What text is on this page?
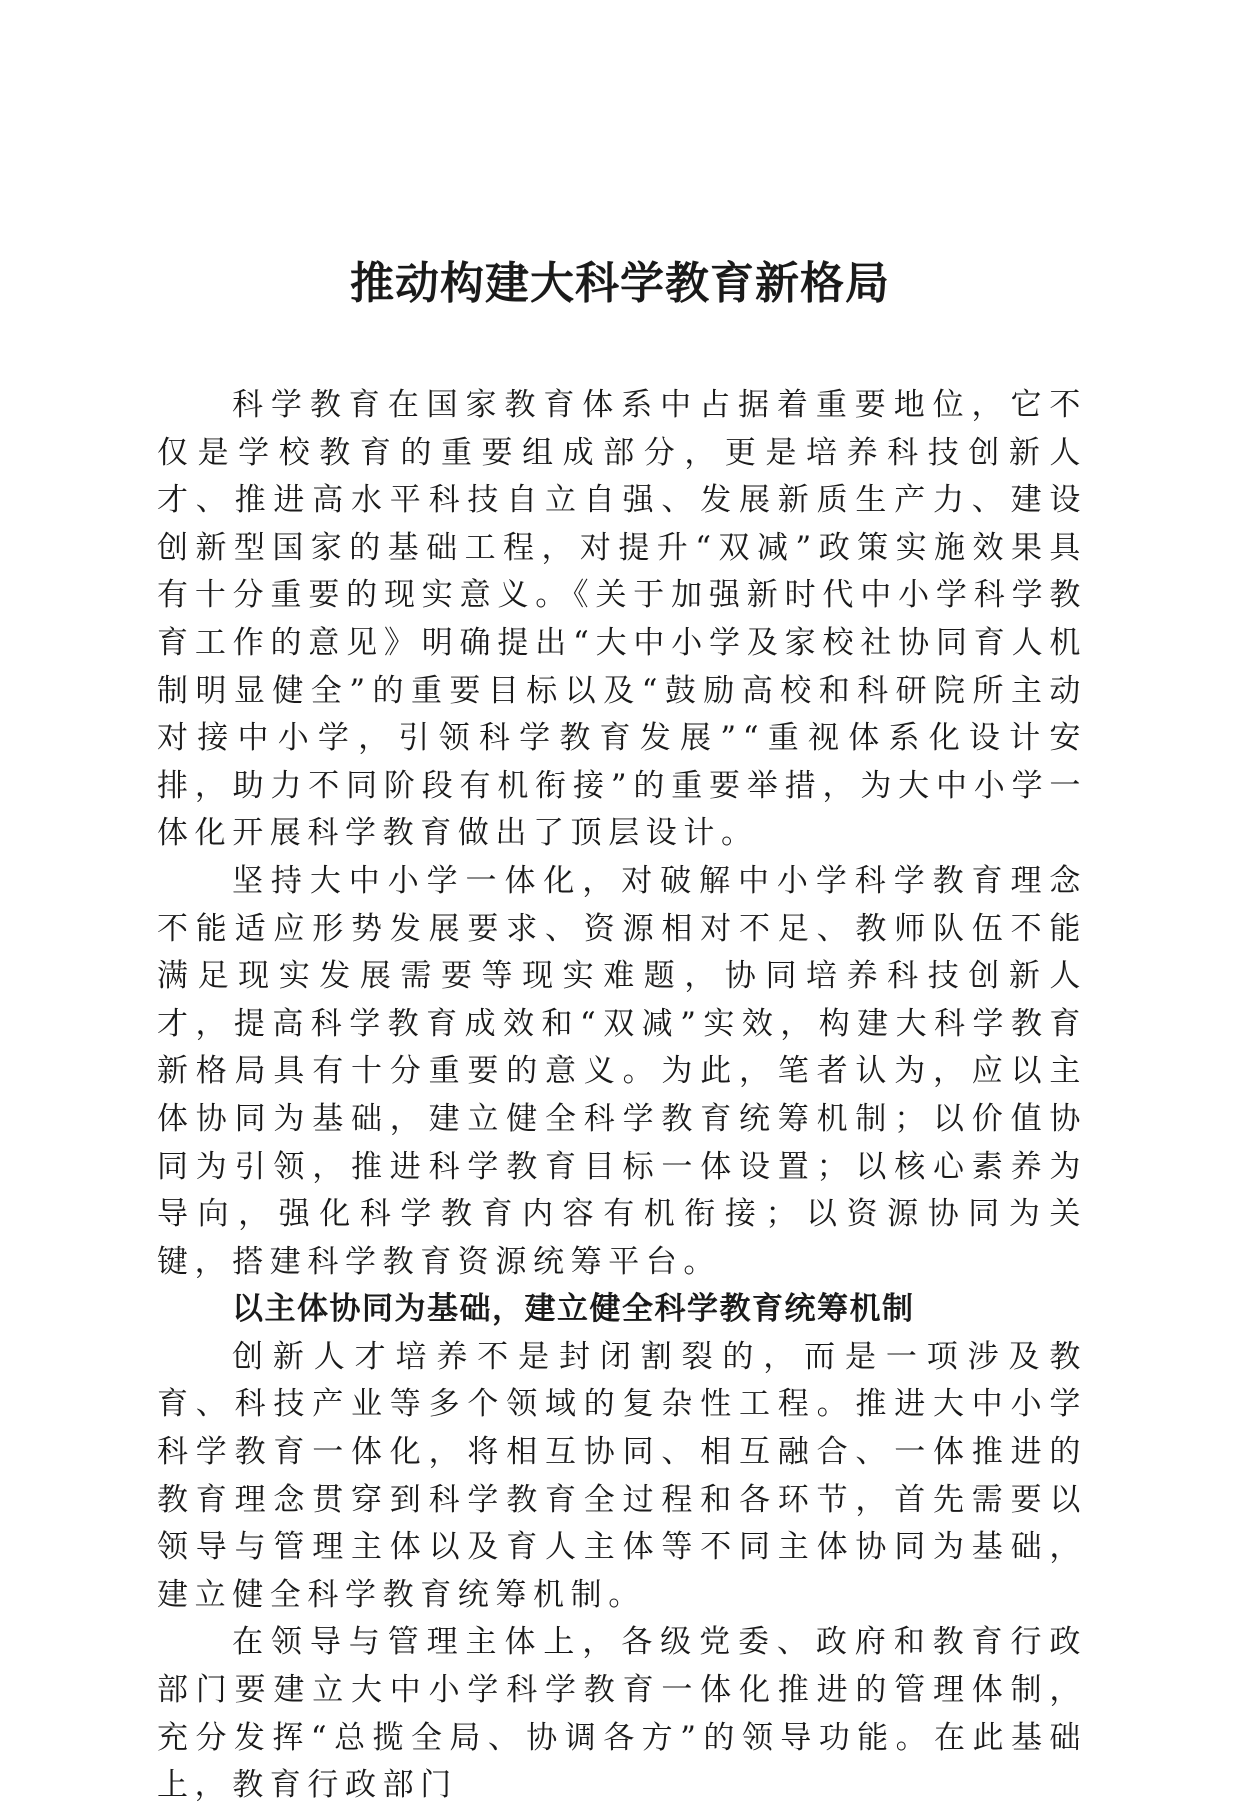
推动构建大科学教育新格局

科学教育在国家教育体系中占据着重要地位，它不仅是学校教育的重要组成部分，更是培养科技创新人才、推进高水平科技自立自强、发展新质生产力、建设创新型国家的基础工程，对提升“双减”政策实施效果具有十分重要的现实意义。《关于加强新时代中小学科学教育工作的意见》明确提出“大中小学及家校社协同育人机制明显健全”的重要目标以及“鼓励高校和科研院所主动对接中小学，引领科学教育发展”“重视体系化设计安排，助力不同阶段有机衔接”的重要举措，为大中小学一体化开展科学教育做出了顶层设计。

坚持大中小学一体化，对破解中小学科学教育理念不能适应形势发展要求、资源相对不足、教师队伍不能满足现实发展需要等现实难题，协同培养科技创新人才，提高科学教育成效和“双减”实效，构建大科学教育新格局具有十分重要的意义。为此，笔者认为，应以主体协同为基础，建立健全科学教育统筹机制；以价值协同为引领，推进科学教育目标一体设置；以核心素养为导向，强化科学教育内容有机衔接；以资源协同为关键，搭建科学教育资源统筹平台。

以主体协同为基础，建立健全科学教育统筹机制

创新人才培养不是封闭割裂的，而是一项涉及教育、科技产业等多个领域的复杂性工程。推进大中小学科学教育一体化，将相互协同、相互融合、一体推进的教育理念贯穿到科学教育全过程和各环节，首先需要以领导与管理主体以及育人主体等不同主体协同为基础，建立健全科学教育统筹机制。

在领导与管理主体上，各级党委、政府和教育行政部门要建立大中小学科学教育一体化推进的管理体制，充分发挥“总揽全局、协调各方”的领导功能。在此基础上，教育行政部门
